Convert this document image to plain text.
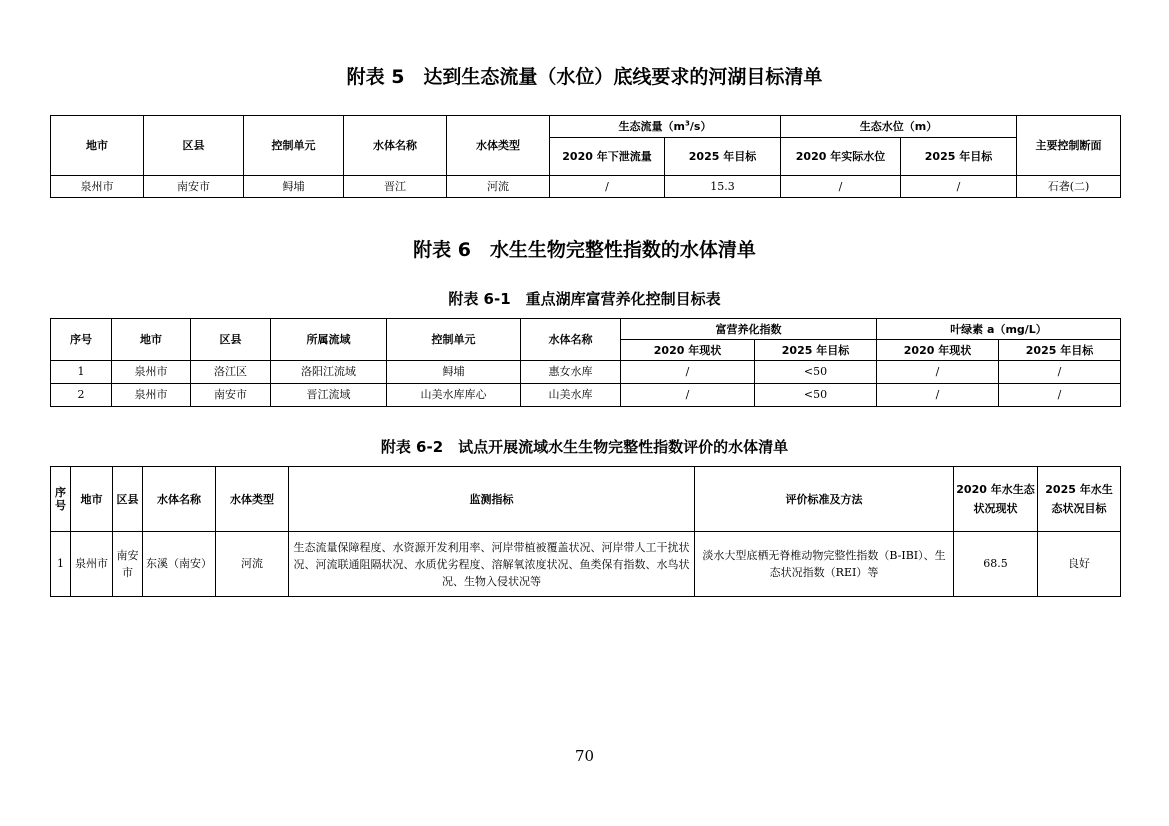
附表 5　达到生态流量（水位）底线要求的河湖目标清单
地市	区县	控制单元	水体名称	水体类型	生态流量$(m^3/s)$		生态水位（m）		主要控制断面
					2020 年下泄流量	2025 年目标	2020 年实际水位	2025 年目标	
泉州市	南安市	鲟埔	晋江	河流	/	15.3	/	/	石砻(二)
附表 6　水生生物完整性指数的水体清单
附表 6-1　重点湖库富营养化控制目标表
序号	地市	区县	所属流域	控制单元	水体名称	富营养化指数		叶绿素 a（mg/L）	
						2020 年现状	2025 年目标	2020 年现状	2025 年目标
1	泉州市	洛江区	洛阳江流域	鲟埔	惠女水库	/	<50	/	/
2	泉州市	南安市	晋江流域	山美水库库心	山美水库	/	<50	/	/
附表 6-2　试点开展流域水生生物完整性指数评价的水体清单
序号	地市	区县	水体名称	水体类型	监测指标	评价标准及方法	2020 年水生态状况现状	2025 年水生态状况目标
1	泉州市	南安市	东溪（南安）	河流	生态流量保障程度、水资源开发利用率、河岸带植被覆盖状况、河岸带人工干扰状况、河流联通阻隔状况、水质优劣程度、溶解氧浓度状况、鱼类保有指数、水鸟状况、生物入侵状况等	淡水大型底栖无脊椎动物完整性指数（B-IBI）、生态状况指数（REI）等	68.5	良好
70
